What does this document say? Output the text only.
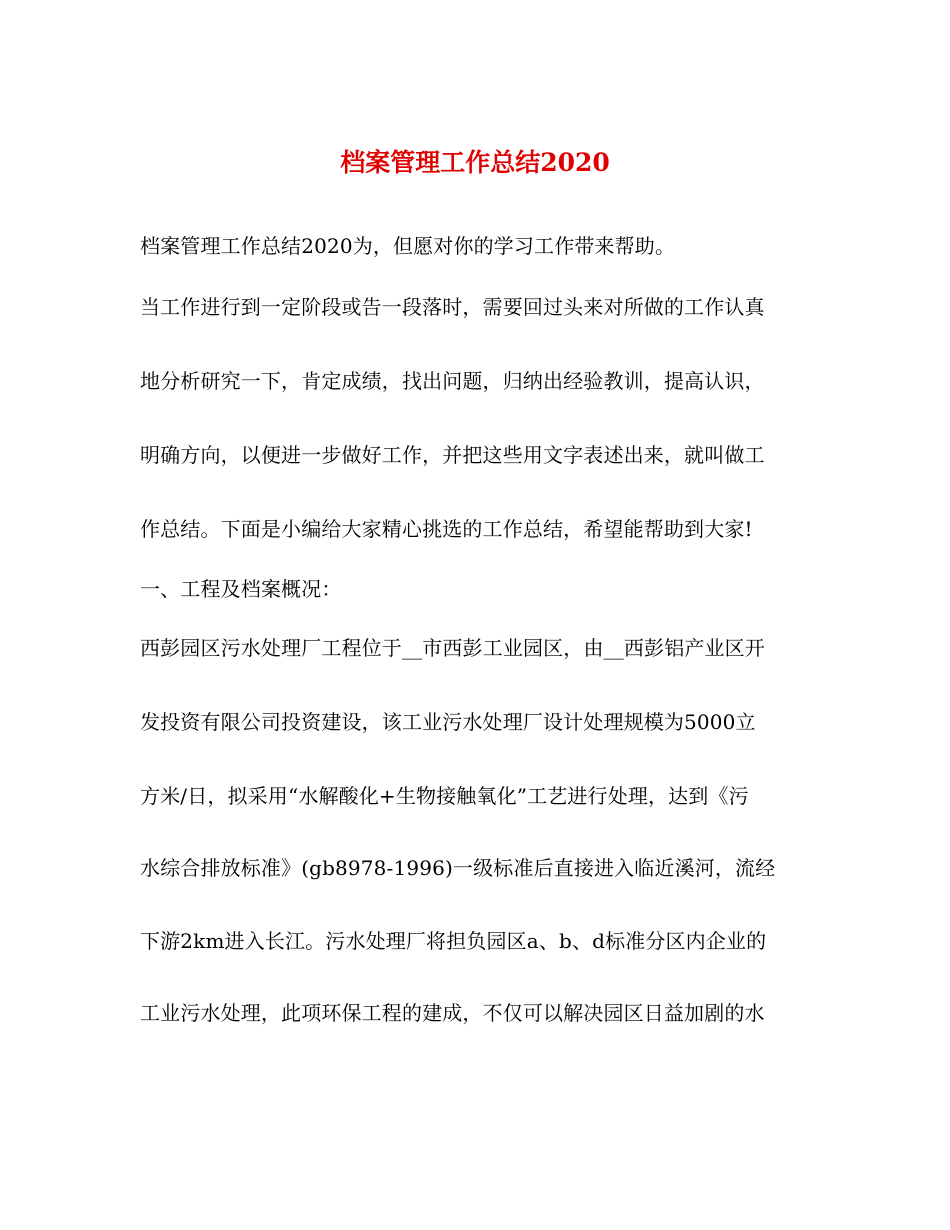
档案管理工作总结2020
档案管理工作总结2020为，但愿对你的学习工作带来帮助。
当工作进行到一定阶段或告一段落时，需要回过头来对所做的工作认真
地分析研究一下，肯定成绩，找出问题，归纳出经验教训，提高认识，
明确方向，以便进一步做好工作，并把这些用文字表述出来，就叫做工
作总结。下面是小编给大家精心挑选的工作总结，希望能帮助到大家!
一、工程及档案概况：
西彭园区污水处理厂工程位于__市西彭工业园区，由__西彭铝产业区开
发投资有限公司投资建设，该工业污水处理厂设计处理规模为5000立
方米/日，拟采用“水解酸化+生物接触氧化”工艺进行处理，达到《污
水综合排放标准》(gb8978-1996)一级标准后直接进入临近溪河，流经
下游2km进入长江。污水处理厂将担负园区a、b、d标准分区内企业的
工业污水处理，此项环保工程的建成，不仅可以解决园区日益加剧的水
